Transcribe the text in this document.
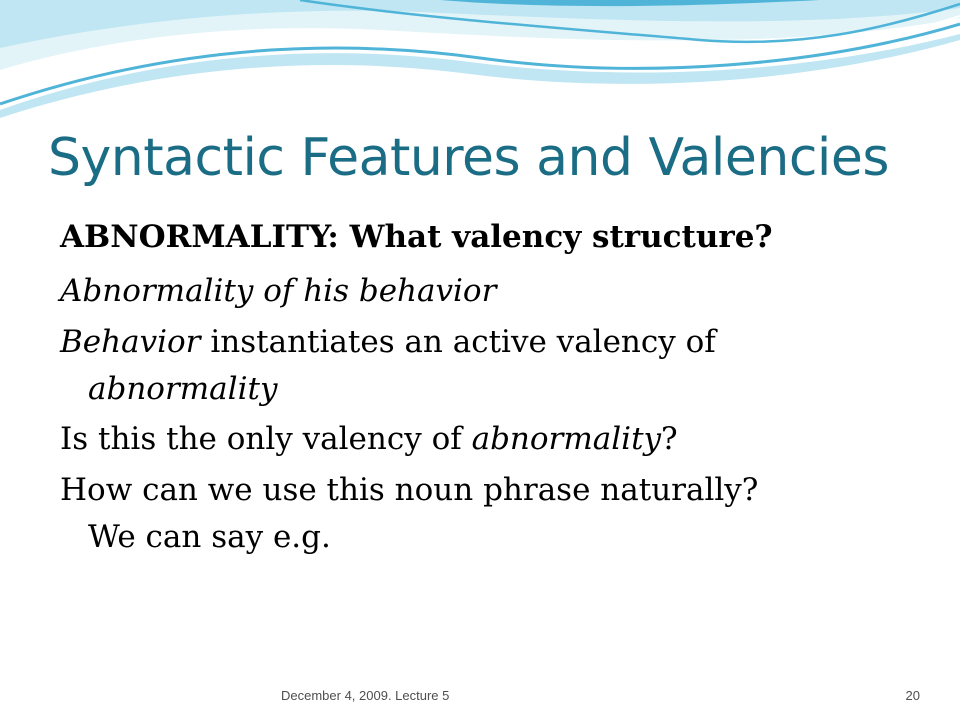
Syntactic Features and Valencies

ABNORMALITY: What valency structure?

Abnormality of his behavior

Behavior instantiates an active valency of
abnormality

Is this the only valency of abnormality?

How can we use this noun phrase naturally?
We can say e.g.

December 4, 2009. Lecture 5	20
